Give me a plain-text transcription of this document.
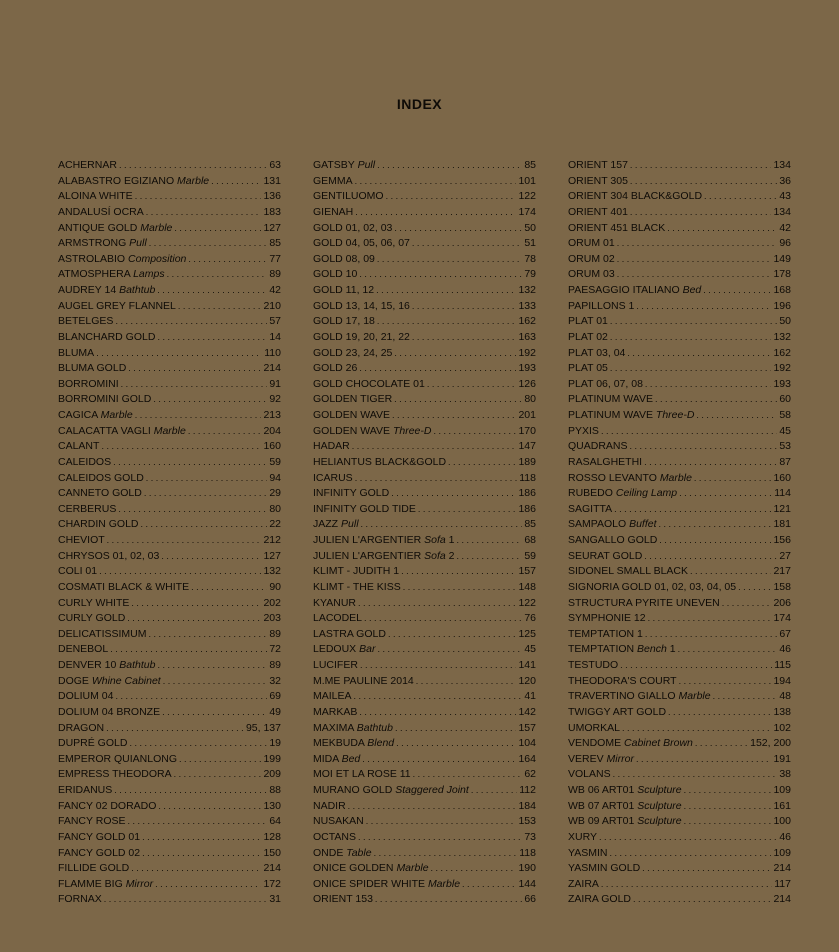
INDEX
ACHERNAR . . .	63
ALABASTRO EGIZIANO Marble . . .	131
ALOINA WHITE . . .	136
ANDALUSÍ OCRA . . .	183
ANTIQUE GOLD Marble . . .	127
ARMSTRONG Pull . . .	85
ASTROLABIO Composition . . .	77
ATMOSPHERA Lamps . . .	89
AUDREY 14 Bathtub . . .	42
AUGEL GREY FLANNEL . . .	210
BETELGES . . .	57
BLANCHARD GOLD . . .	14
BLUMA . . .	110
BLUMA GOLD . . .	214
BORROMINI . . .	91
BORROMINI GOLD . . .	92
CAGICA Marble . . .	213
CALACATTA VAGLI Marble . . .	204
CALANT . . .	160
CALEIDOS . . .	59
CALEIDOS GOLD . . .	94
CANNETO GOLD . . .	29
CERBERUS . . .	80
CHARDIN GOLD . . .	22
CHEVIOT . . .	212
CHRYSOS 01, 02, 03 . . .	127
COLI 01 . . .	132
COSMATI BLACK & WHITE . . .	90
CURLY WHITE . . .	202
CURLY GOLD . . .	203
DELICATISSIMUM . . .	89
DENEBOL . . .	72
DENVER 10 Bathtub . . .	89
DOGE Whine Cabinet . . .	32
DOLIUM 04 . . .	69
DOLIUM 04 BRONZE . . .	49
DRAGON . . .	95, 137
DUPRÉ GOLD . . .	19
EMPEROR QUIANLONG . . .	199
EMPRESS THEODORA . . .	209
ERIDANUS . . .	88
FANCY 02 DORADO . . .	130
FANCY ROSE . . .	64
FANCY GOLD 01 . . .	128
FANCY GOLD 02 . . .	150
FILLIDE GOLD . . .	214
FLAMME BIG Mirror . . .	172
FORNAX . . .	31
GATSBY Pull . . .	85
GEMMA . . .	101
GENTILUOMO . . .	122
GIENAH . . .	174
GOLD 01, 02, 03 . . .	50
GOLD 04, 05, 06, 07 . . .	51
GOLD 08, 09 . . .	78
GOLD 10 . . .	79
GOLD 11, 12 . . .	132
GOLD 13, 14, 15, 16 . . .	133
GOLD 17, 18 . . .	162
GOLD 19, 20, 21, 22 . . .	163
GOLD 23, 24, 25 . . .	192
GOLD 26 . . .	193
GOLD CHOCOLATE 01 . . .	126
GOLDEN TIGER . . .	80
GOLDEN WAVE . . .	201
GOLDEN WAVE Three-D . . .	170
HADAR . . .	147
HELIANTUS BLACK&GOLD . . .	189
ICARUS . . .	118
INFINITY GOLD . . .	186
INFINITY GOLD TIDE . . .	186
JAZZ Pull . . .	85
JULIEN L'ARGENTIER Sofa 1 . . .	68
JULIEN L'ARGENTIER Sofa 2 . . .	59
KLIMT - JUDITH 1 . . .	157
KLIMT - THE KISS . . .	148
KYANUR . . .	122
LACODEL . . .	76
LASTRA GOLD . . .	125
LEDOUX Bar . . .	45
LUCIFER . . .	141
M.ME PAULINE 2014 . . .	120
MAILEA . . .	41
MARKAB . . .	142
MAXIMA Bathtub . . .	157
MEKBUDA Blend . . .	104
MIDA Bed . . .	164
MOI ET LA ROSE 11 . . .	62
MURANO GOLD Staggered Joint . . .	112
NADIR . . .	184
NUSAKAN . . .	153
OCTANS . . .	73
ONDE Table . . .	118
ONICE GOLDEN Marble . . .	190
ONICE SPIDER WHITE Marble . . .	144
ORIENT 153 . . .	66
ORIENT 157 . . .	134
ORIENT 305 . . .	36
ORIENT 304 BLACK&GOLD . . .	43
ORIENT 401 . . .	134
ORIENT 451 BLACK . . .	42
ORUM 01 . . .	96
ORUM 02 . . .	149
ORUM 03 . . .	178
PAESAGGIO ITALIANO Bed . . .	168
PAPILLONS 1 . . .	196
PLAT 01 . . .	50
PLAT 02 . . .	132
PLAT 03, 04 . . .	162
PLAT 05 . . .	192
PLAT 06, 07, 08 . . .	193
PLATINUM WAVE . . .	60
PLATINUM WAVE Three-D . . .	58
PYXIS . . .	45
QUADRANS . . .	53
RASALGHETHI . . .	87
ROSSO LEVANTO Marble . . .	160
RUBEDO Ceiling Lamp . . .	114
SAGITTA . . .	121
SAMPAOLO Buffet . . .	181
SANGALLO GOLD . . .	156
SEURAT GOLD . . .	27
SIDONEL SMALL BLACK . . .	217
SIGNORIA GOLD 01, 02, 03, 04, 05 . . .	158
STRUCTURA PYRITE UNEVEN . . .	206
SYMPHONIE 12 . . .	174
TEMPTATION 1 . . .	67
TEMPTATION Bench 1 . . .	46
TESTUDO . . .	115
THEODORA'S COURT . . .	194
TRAVERTINO GIALLO Marble . . .	48
TWIGGY ART GOLD . . .	138
UMORKAL . . .	102
VENDOME Cabinet Brown . . .	152, 200
VEREV Mirror . . .	191
VOLANS . . .	38
WB 06 ART01 Sculpture . . .	109
WB 07 ART01 Sculpture . . .	161
WB 09 ART01 Sculpture . . .	100
XURY . . .	46
YASMIN . . .	109
YASMIN GOLD . . .	214
ZAIRA . . .	117
ZAIRA GOLD . . .	214
